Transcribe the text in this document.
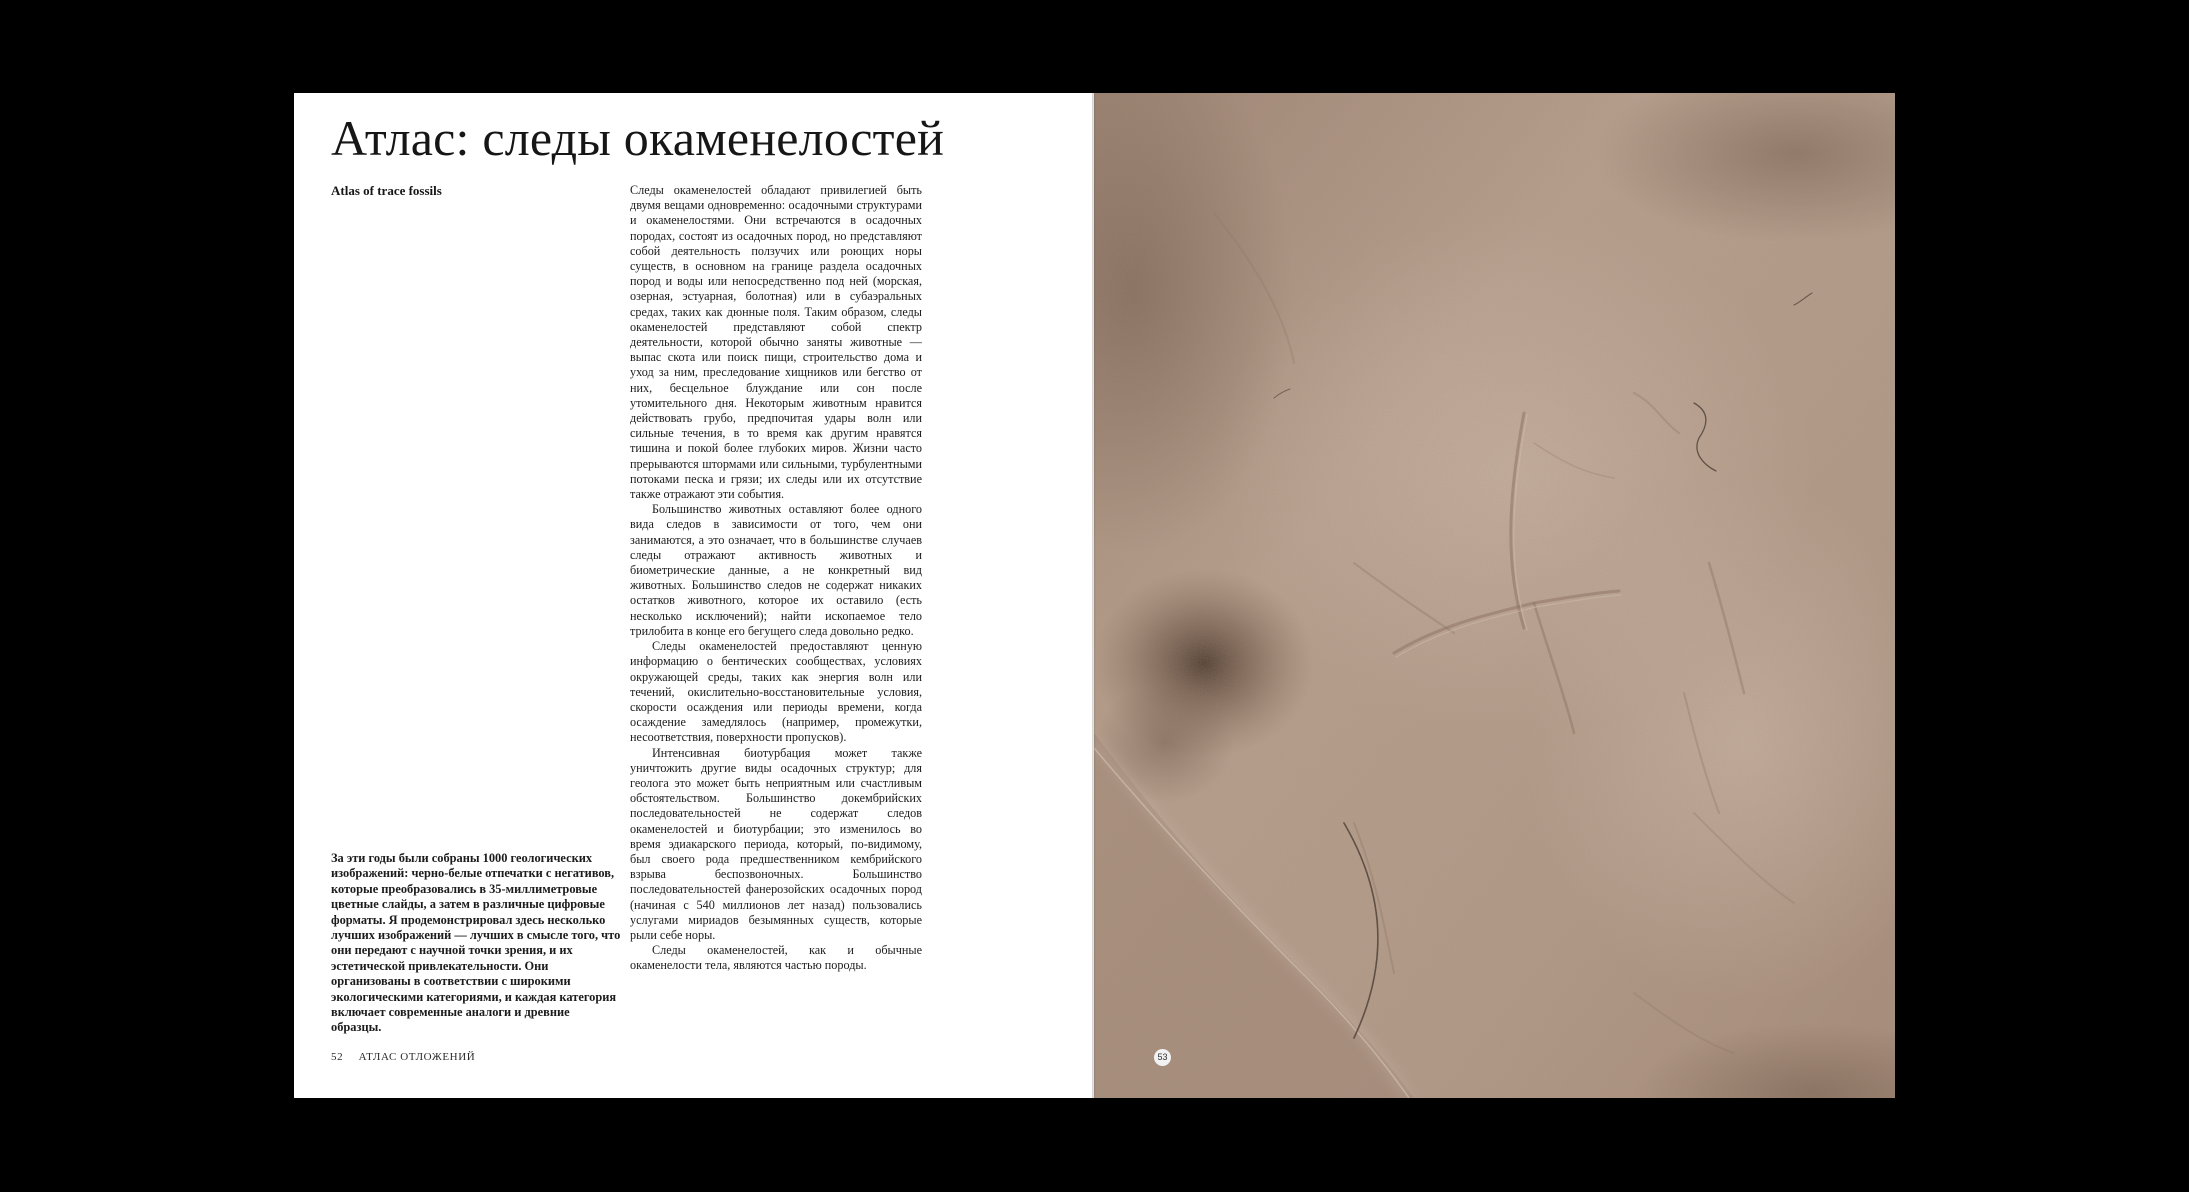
Атлас: следы окаменелостей
Atlas of trace fossils	Следы окаменелостей обладают привилегией быть двумя вещами одновременно: осадочными структурами и окаменелостями. Они встречаются в осадочных породах, состоят из осадочных пород, но представляют собой деятельность ползучих или роющих норы существ, в основном на границе раздела осадочных пород и воды или непосредственно под ней (морская, озерная, эстуарная, болотная) или в субаэральных средах, таких как дюнные поля. Таким образом, следы окаменелостей представляют собой спектр деятельности, которой обычно заняты животные — выпас скота или поиск пищи, строительство дома и уход за ним, преследование хищников или бегство от них, бесцельное блуждание или сон после утомительного дня. Некоторым животным нравится действовать грубо, предпочитая удары волн или сильные течения, в то время как другим нравятся тишина и покой более глубоких миров. Жизни часто прерываются штормами или сильными, турбулентными потоками песка и грязи; их следы или их отсутствие также отражают эти события.

Большинство животных оставляют более одного вида следов в зависимости от того, чем они занимаются, а это означает, что в большинстве случаев следы отражают активность животных и биометрические данные, а не конкретный вид животных. Большинство следов не содержат никаких остатков животного, которое их оставило (есть несколько исключений); найти ископаемое тело трилобита в конце его бегущего следа довольно редко.

Следы окаменелостей предоставляют ценную информацию о бентических сообществах, условиях окружающей среды, таких как энергия волн или течений, окислительно-восстановительные условия, скорости осаждения или периоды времени, когда осаждение замедлялось (например, промежутки, несоответствия, поверхности пропусков).

Интенсивная биотурбация может также уничтожить другие виды осадочных структур; для геолога это может быть неприятным или счастливым обстоятельством. Большинство докембрийских последовательностей не содержат следов окаменелостей и биотурбации; это изменилось во время эдиакарского периода, который, по-видимому, был своего рода предшественником кембрийского взрыва беспозвоночных. Большинство последовательностей фанерозойских осадочных пород (начиная с 540 миллионов лет назад) пользовались услугами мириадов безымянных существ, которые рыли себе норы.

Следы окаменелостей, как и обычные окаменелости тела, являются частью породы.

За эти годы были собраны 1000 геологических изображений: черно-белые отпечатки с негативов, которые преобразовались в 35-миллиметровые цветные слайды, а затем в различные цифровые форматы. Я продемонстрировал здесь несколько лучших изображений — лучших в смысле того, что они передают с научной точки зрения, и их эстетической привлекательности. Они организованы в соответствии с широкими экологическими категориями, и каждая категория включает современные аналоги и древние образцы.
52 АТЛАС ОТЛОЖЕНИЙ	53
